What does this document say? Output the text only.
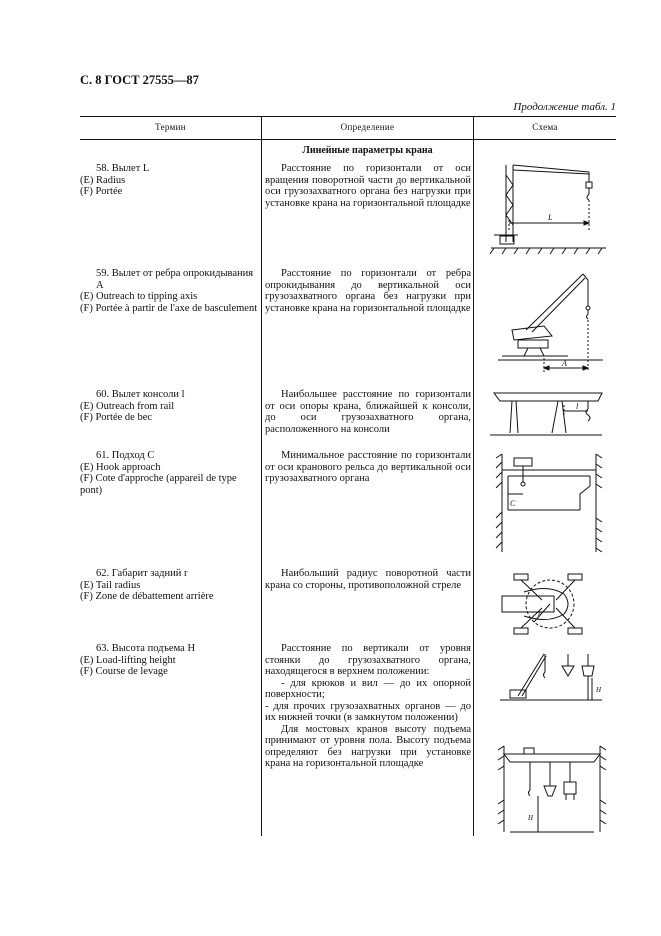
С. 8 ГОСТ 27555—87
Продолжение табл. 1
Термин	Определение	Схема
Линейные параметры крана
58. Вылет L
(E) Radius
(F) Portée

Расстояние по горизонтали от оси вращения поворотной части до вертикальной оси грузозахватного органа без нагрузки при установке крана на горизонтальной площадке

59. Вылет от ребра опрокидывания A
(E) Outreach to tipping axis
(F) Portée à partir de l'axe de basculement

Расстояние по горизонтали от ребра опрокидывания до вертикальной оси грузозахватного органа без нагрузки при установке крана на горизонтальной площадке

60. Вылет консоли l
(E) Outreach from rail
(F) Portée de bec

Наибольшее расстояние по горизонтали от оси опоры крана, ближайшей к консоли, до оси грузозахватного органа, расположенного на консоли

61. Подход C
(E) Hook approach
(F) Cote d'approche (appareil de type pont)

Минимальное расстояние по горизонтали от оси кранового рельса до вертикальной оси грузозахватного органа

62. Габарит задний r
(E) Tail radius
(F) Zone de débattement arrière

Наибольший радиус поворотной части крана со стороны, противоположной стреле

63. Высота подъема H
(E) Load-lifting height
(F) Course de levage

Расстояние по вертикали от уровня стоянки до грузозахватного органа, находящегося в верхнем положении:

- для крюков и вил — до их опорной поверхности;

- для прочих грузозахватных органов — до их нижней точки (в замкнутом положении)

Для мостовых кранов высоту подъема принимают от уровня пола. Высоту подъема определяют без нагрузки при установке крана на горизонтальной площадке

L
A
l
C
r
H
H
